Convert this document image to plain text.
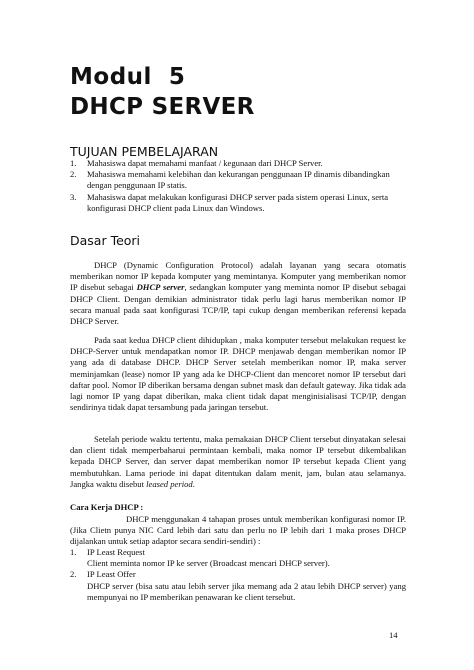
Modul  5
DHCP SERVER
TUJUAN PEMBELAJARAN
1. Mahasiswa dapat memahami manfaat / kegunaan dari DHCP Server.
2. Mahasiswa memahami kelebihan dan kekurangan penggunaan IP dinamis dibandingkan dengan penggunaan IP statis.
3. Mahasiswa dapat melakukan konfigurasi DHCP server pada sistem operasi Linux, serta konfigurasi DHCP client pada Linux dan Windows.
Dasar Teori

DHCP (Dynamic Configuration Protocol) adalah layanan yang secara otomatis memberikan nomor IP kepada komputer yang memintanya. Komputer yang memberikan nomor IP disebut sebagai DHCP server, sedangkan komputer yang meminta nomor IP disebut sebagai DHCP Client. Dengan demikian administrator tidak perlu lagi harus memberikan nomor IP secara manual pada saat konfigurasi TCP/IP, tapi cukup dengan memberikan referensi kepada DHCP Server.

Pada saat kedua DHCP client dihidupkan , maka komputer tersebut melakukan request ke DHCP-Server untuk mendapatkan nomor IP. DHCP menjawab dengan memberikan nomor IP yang ada di database DHCP. DHCP Server setelah memberikan nomor IP, maka server meminjamkan (lease) nomor IP yang ada ke DHCP-Client dan mencoret nomor IP tersebut dari daftar pool. Nomor IP diberikan bersama dengan subnet mask dan default gateway. Jika tidak ada lagi nomor IP yang dapat diberikan, maka client tidak dapat menginisialisasi TCP/IP, dengan sendirinya tidak dapat tersambung pada jaringan tersebut.

Setelah periode waktu tertentu, maka pemakaian DHCP Client tersebut dinyatakan selesai dan client tidak memperbaharui permintaan kembali, maka nomor IP tersebut dikembalikan kepada DHCP Server, dan server dapat memberikan nomor IP tersebut kepada Client yang membutuhkan. Lama periode ini dapat ditentukan dalam menit, jam, bulan atau selamanya. Jangka waktu disebut leased period.

Cara Kerja DHCP :

DHCP menggunakan 4 tahapan proses untuk memberikan konfigurasi nomor IP. (Jika Clietn punya NIC Card lebih dari satu dan perlu no IP lebih dari 1 maka proses DHCP dijalankan untuk setiap adaptor secara sendiri-sendiri) :

1. IP Least Request
Client meminta nomor IP ke server (Broadcast mencari DHCP server).
2. IP Least Offer
DHCP server (bisa satu atau lebih server jika memang ada 2 atau lebih DHCP server) yang mempunyai no IP memberikan penawaran ke client tersebut.
14
